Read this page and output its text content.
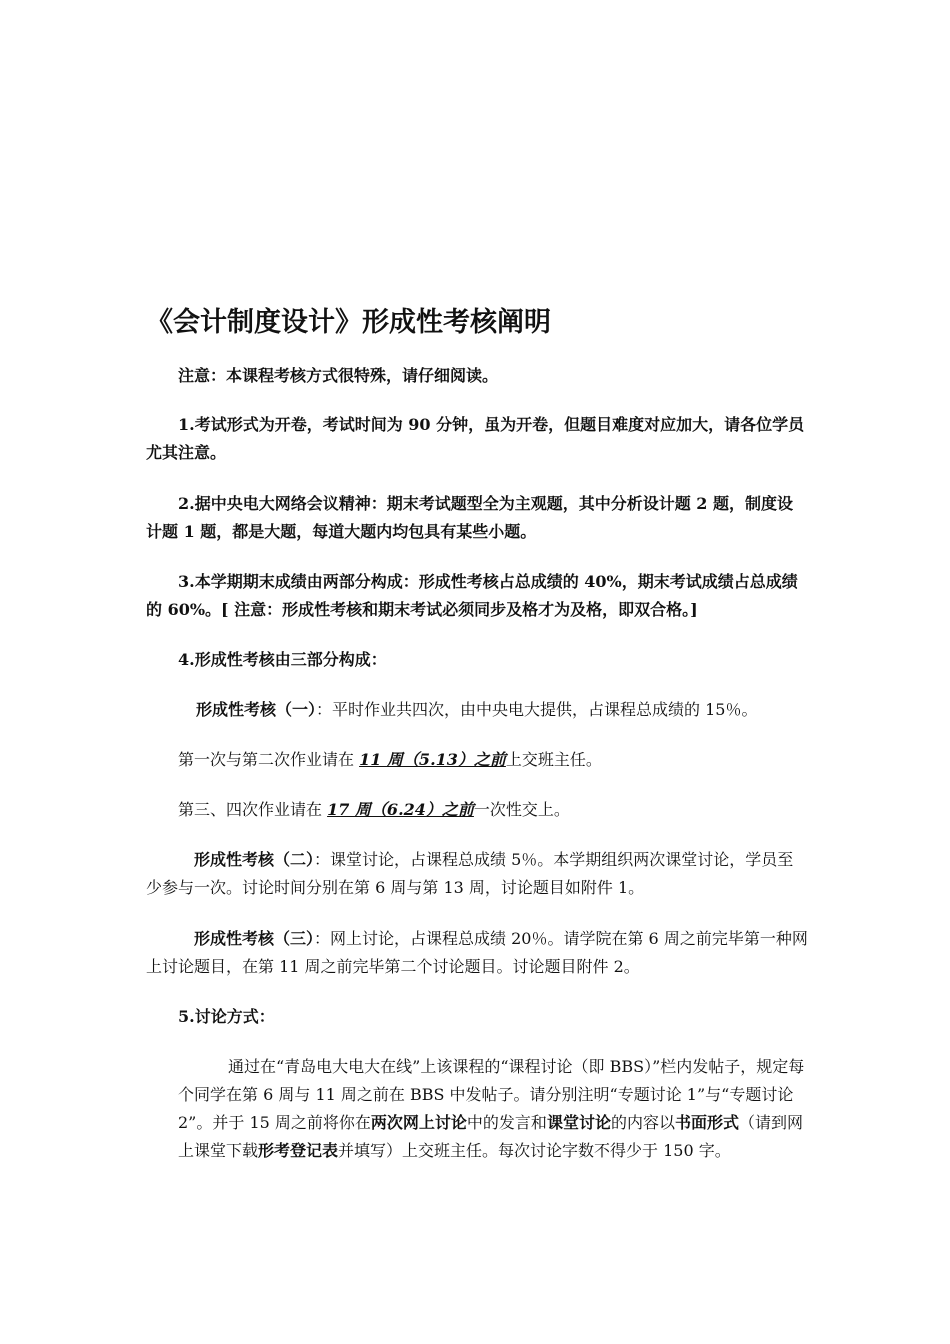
《会计制度设计》形成性考核阐明

注意：本课程考核方式很特殊，请仔细阅读。

1.考试形式为开卷，考试时间为 90 分钟，虽为开卷，但题目难度对应加大，请各位学员尤其注意。

2.据中央电大网络会议精神：期末考试题型全为主观题，其中分析设计题 2 题，制度设计题 1 题，都是大题，每道大题内均包具有某些小题。

3.本学期期末成绩由两部分构成：形成性考核占总成绩的 40%，期末考试成绩占总成绩的 60%。[ 注意：形成性考核和期末考试必须同步及格才为及格，即双合格。]

4.形成性考核由三部分构成：

形成性考核（一）：平时作业共四次，由中央电大提供，占课程总成绩的 15％。

第一次与第二次作业请在 11 周（5.13）之前上交班主任。

第三、四次作业请在 17 周（6.24）之前一次性交上。

形成性考核（二）：课堂讨论，占课程总成绩 5％。本学期组织两次课堂讨论，学员至少参与一次。讨论时间分别在第 6 周与第 13 周，讨论题目如附件 1。

形成性考核（三）：网上讨论，占课程总成绩 20％。请学院在第 6 周之前完毕第一种网上讨论题目，在第 11 周之前完毕第二个讨论题目。讨论题目附件 2。

5.讨论方式：

通过在“青岛电大电大在线”上该课程的“课程讨论（即 BBS）”栏内发帖子，规定每个同学在第 6 周与 11 周之前在 BBS 中发帖子。请分别注明“专题讨论 1”与“专题讨论 2”。并于 15 周之前将你在两次网上讨论中的发言和课堂讨论的内容以书面形式（请到网上课堂下载形考登记表并填写）上交班主任。每次讨论字数不得少于 150 字。
